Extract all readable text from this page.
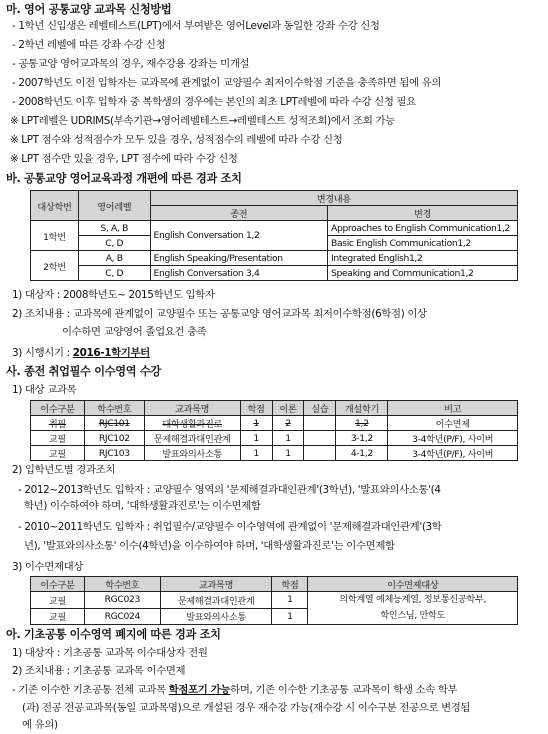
마. 영어 공통교양 교과목 신청방법
- 1학년 신입생은 레벨테스트(LPT)에서 부여받은 영어Level과 동일한 강좌 수강 신청
- 2학년 레벨에 따른 강좌 수강 신청
- 공통교양 영어교과목의 경우, 재수강용 강좌는 미개설
- 2007학년도 이전 입학자는 교과목에 관계없이 교양필수 최저이수학점 기준을 충족하면 됨에 유의
- 2008학년도 이후 입학자 중 복학생의 경우에는 본인의 최초 LPT레벨에 따라 수강 신청 필요
※ LPT레벨은 UDRIMS(부속기관→영어레벨테스트→레벨테스트 성적조회)에서 조회 가능
※ LPT 점수와 성적점수가 모두 있을 경우, 성적점수의 레벨에 따라 수강 신청
※ LPT 점수만 있을 경우, LPT 점수에 따라 수강 신청
바. 공통교양 영어교육과정 개편에 따른 경과 조치
대상학번	영어레벨	변경내용	
		종전	변경
1학번	S, A, B	English Conversation 1,2	Approaches to English Communication1,2
	C, D		Basic English Communication1,2
2학번	A, B	English Speaking/Presentation	Integrated English1,2
	C, D	English Conversation 3,4	Speaking and Communication1,2
1) 대상자 : 2008학년도~ 2015학년도 입학자
2) 조치내용 : 교과목에 관계없이 교양필수 또는 공통교양 영어교과목 최저이수학점(6학점) 이상
이수하면 교양영어 졸업요건 충족
3) 시행시기 : 2016-1학기부터
사. 종전 취업필수 이수영역 수강
1) 대상 교과목
이수구분	학수번호	교과목명	학점	이론	실습	개설학기	비고
취필	RJC101	대학생활과진로	1	2		1,2	이수면제
교필	RJC102	문제해결과대인관계	1	1		3-1,2	3-4학년(P/F), 사이버
교필	RJC103	발표와의사소통	1	1		4-1,2	3-4학년(P/F), 사이버
2) 입학년도별 경과조치
- 2012~2013학년도 입학자 : 교양필수 영역의 '문제해결과대인관계'(3학년), '발표와의사소통'(4
학년) 이수하여야 하며, '대학생활과진로'는 이수면제함
- 2010~2011학년도 입학자 : 취업필수/교양필수 이수영역에 관계없이 '문제해결과대인관계'(3학
년), '발표와의사소통' 이수(4학년)을 이수하여야 하며, '대학생활과진로'는 이수면제함
3) 이수면제대상
이수구분	학수번호	교과목명	학점	이수면제대상
교필	RGC023	문제해결과대인관계	1	의학계열 예체능계열, 정보통신공학부,
학인스님, 만학도

교필	RGC024	발표와의사소통	1	
아. 기초공통 이수영역 폐지에 따른 경과 조치
1) 대상자 : 기초공통 교과목 이수대상자 전원
2) 조치내용 : 기초공통 교과목 이수면제
- 기존 이수한 기초공통 전체 교과목 학점포기 가능하며, 기존 이수한 기초공통 교과목이 학생 소속 학부
(과) 전공 전공교과목(동일 교과목명)으로 개설된 경우 재수강 가능(재수강 시 이수구분 전공으로 변경됨
에 유의)
